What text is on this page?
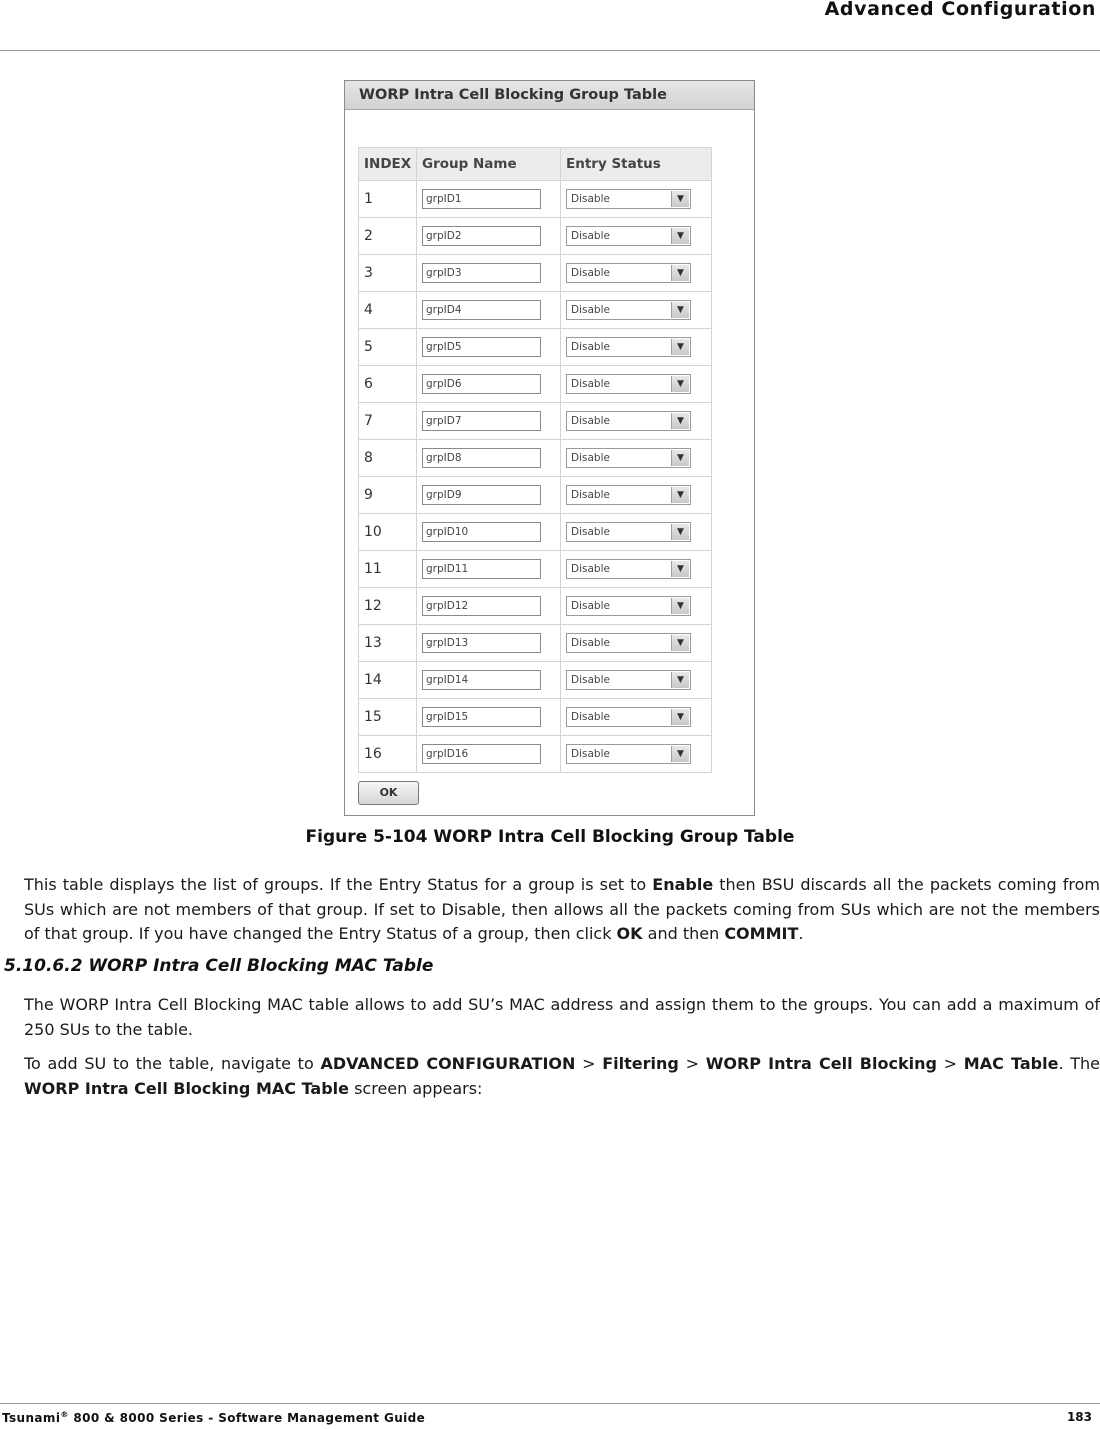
Advanced Configuration
WORP Intra Cell Blocking Group Table
INDEX	Group Name	Entry Status
1	grpID1	Disable ▼

2	grpID2	Disable ▼

3	grpID3	Disable ▼

4	grpID4	Disable ▼

5	grpID5	Disable ▼

6	grpID6	Disable ▼

7	grpID7	Disable ▼

8	grpID8	Disable ▼

9	grpID9	Disable ▼

10	grpID10	Disable ▼

11	grpID11	Disable ▼

12	grpID12	Disable ▼

13	grpID13	Disable ▼

14	grpID14	Disable ▼

15	grpID15	Disable ▼

16	grpID16	Disable ▼
OK
Figure 5-104 WORP Intra Cell Blocking Group Table

This table displays the list of groups. If the Entry Status for a group is set to Enable then BSU discards all the packets coming from SUs which are not members of that group. If set to Disable, then allows all the packets coming from SUs which are not the members of that group. If you have changed the Entry Status of a group, then click OK and then COMMIT.

5.10.6.2 WORP Intra Cell Blocking MAC Table

The WORP Intra Cell Blocking MAC table allows to add SU’s MAC address and assign them to the groups. You can add a maximum of 250 SUs to the table.

To add SU to the table, navigate to ADVANCED CONFIGURATION > Filtering > WORP Intra Cell Blocking > MAC Table. The WORP Intra Cell Blocking MAC Table screen appears:

Tsunami® 800 & 8000 Series - Software Management Guide	183
